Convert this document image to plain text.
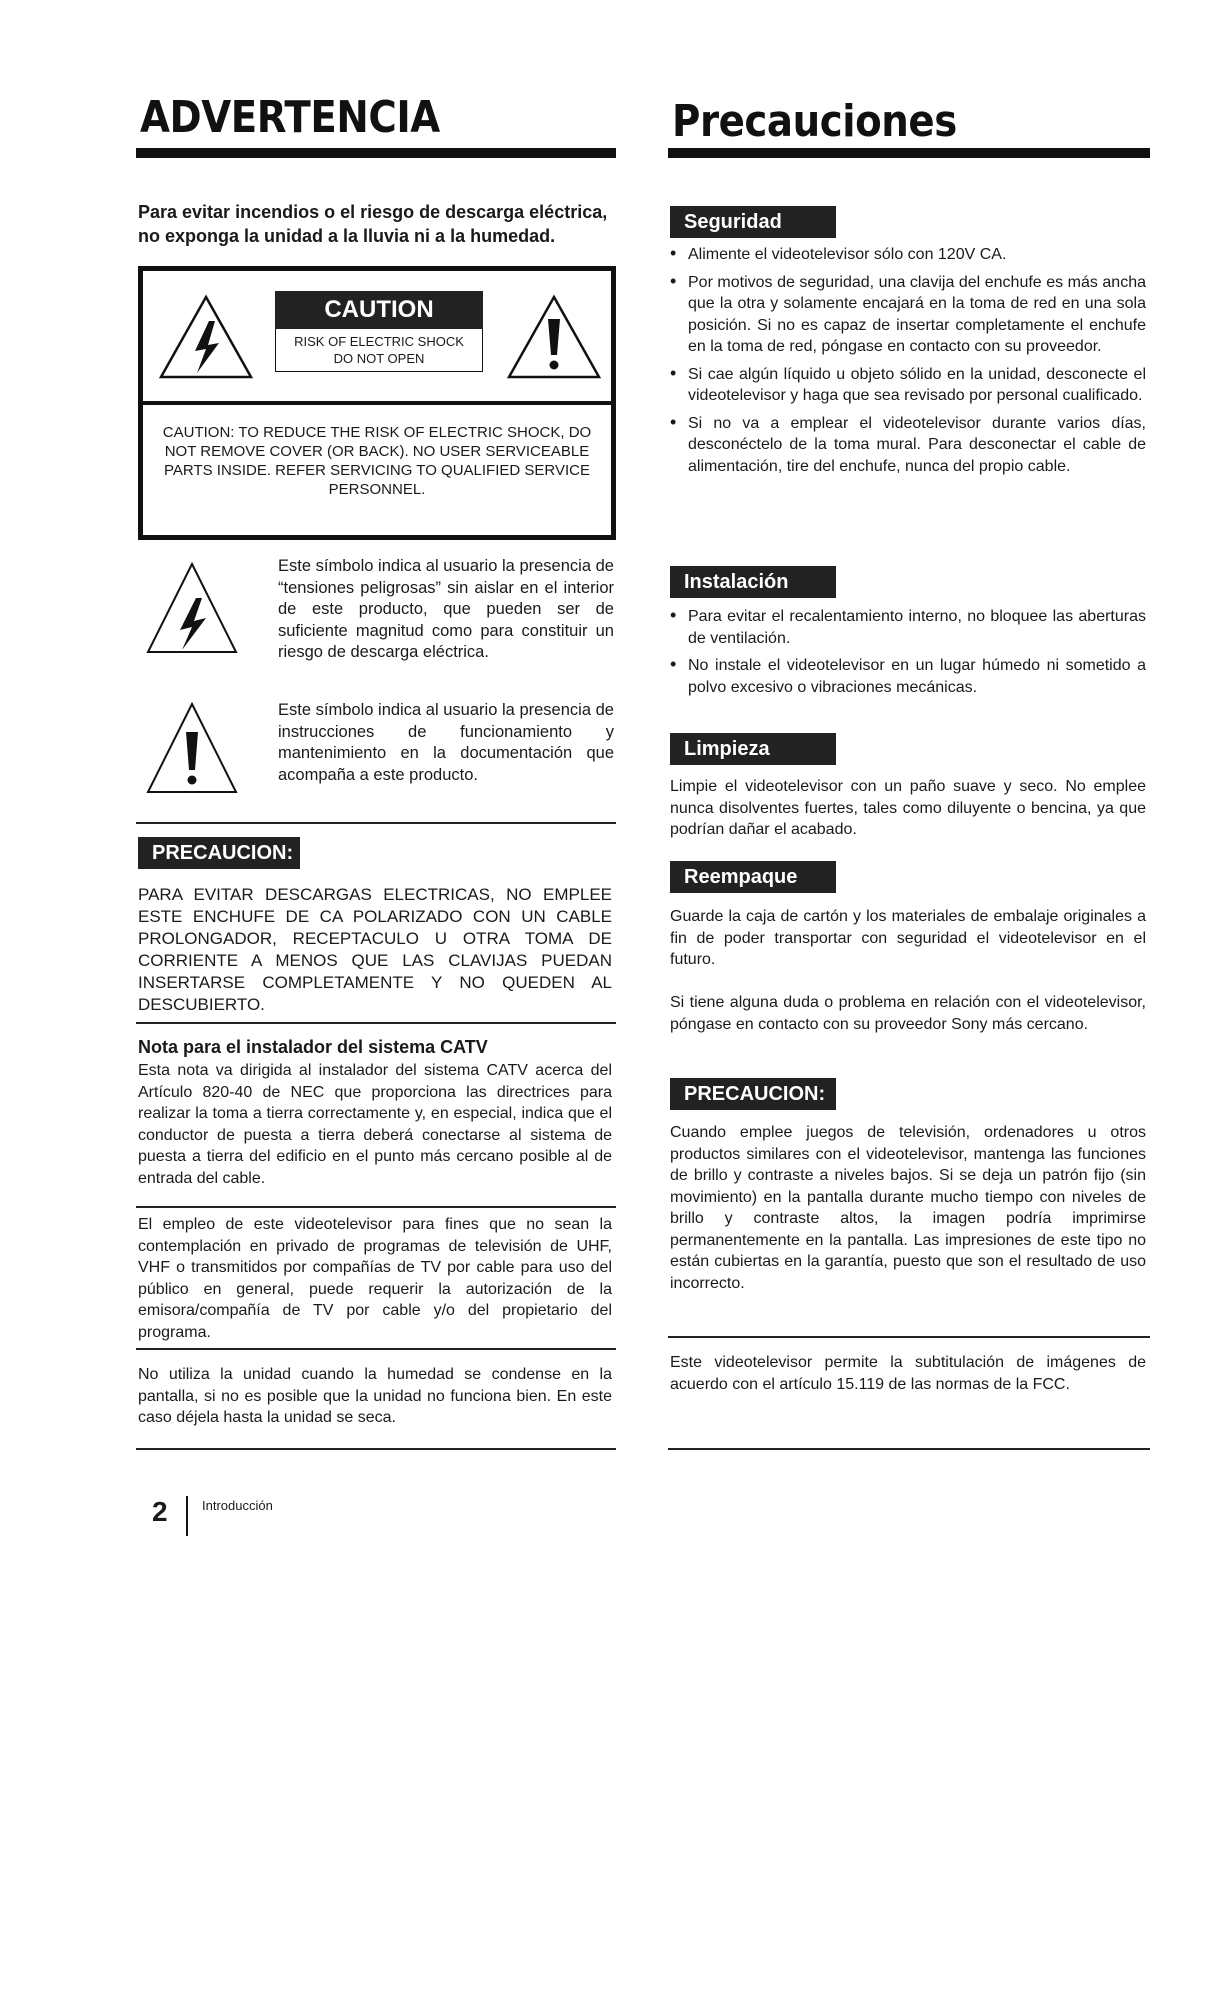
ADVERTENCIA
Para evitar incendios o el riesgo de descarga eléctrica, no exponga la unidad a la lluvia ni a la humedad.
CAUTION
RISK OF ELECTRIC SHOCK
DO NOT OPEN
CAUTION: TO REDUCE THE RISK OF ELECTRIC SHOCK, DO NOT REMOVE COVER (OR BACK). NO USER SERVICEABLE PARTS INSIDE. REFER SERVICING TO QUALIFIED SERVICE PERSONNEL.
Este símbolo indica al usuario la presencia de “tensiones peligrosas” sin aislar en el interior de este producto, que pueden ser de suficiente magnitud como para constituir un riesgo de descarga eléctrica.
Este símbolo indica al usuario la presencia de instrucciones de funcionamiento y mantenimiento en la documentación que acompaña a este producto.
PRECAUCION:
PARA EVITAR DESCARGAS ELECTRICAS, NO EMPLEE ESTE ENCHUFE DE CA POLARIZADO CON UN CABLE PROLONGADOR, RECEPTACULO U OTRA TOMA DE CORRIENTE A MENOS QUE LAS CLAVIJAS PUEDAN INSERTARSE COMPLETAMENTE Y NO QUEDEN AL DESCUBIERTO.
Nota para el instalador del sistema CATV
Esta nota va dirigida al instalador del sistema CATV acerca del Artículo 820-40 de NEC que proporciona las directrices para realizar la toma a tierra correctamente y, en especial, indica que el conductor de puesta a tierra deberá conectarse al sistema de puesta a tierra del edificio en el punto más cercano posible al de entrada del cable.
El empleo de este videotelevisor para fines que no sean la contemplación en privado de programas de televisión de UHF, VHF o transmitidos por compañías de TV por cable para uso del público en general, puede requerir la autorización de la emisora/compañía de TV por cable y/o del propietario del programa.
No utiliza la unidad cuando la humedad se condense en la pantalla, si no es posible que la unidad no funciona bien. En este caso déjela hasta la unidad se seca.
Precauciones
Seguridad
• Alimente el videotelevisor sólo con 120V CA.
• Por motivos de seguridad, una clavija del enchufe es más ancha que la otra y solamente encajará en la toma de red en una sola posición. Si no es capaz de insertar completamente el enchufe en la toma de red, póngase en contacto con su proveedor.
• Si cae algún líquido u objeto sólido en la unidad, desconecte el videotelevisor y haga que sea revisado por personal cualificado.
• Si no va a emplear el videotelevisor durante varios días, desconéctelo de la toma mural. Para desconectar el cable de alimentación, tire del enchufe, nunca del propio cable.
Instalación
• Para evitar el recalentamiento interno, no bloquee las aberturas de ventilación.
• No instale el videotelevisor en un lugar húmedo ni sometido a polvo excesivo o vibraciones mecánicas.
Limpieza
Limpie el videotelevisor con un paño suave y seco. No emplee nunca disolventes fuertes, tales como diluyente o bencina, ya que podrían dañar el acabado.
Reempaque
Guarde la caja de cartón y los materiales de embalaje originales a fin de poder transportar con seguridad el videotelevisor en el futuro.
Si tiene alguna duda o problema en relación con el videotelevisor, póngase en contacto con su proveedor Sony más cercano.
PRECAUCION:
Cuando emplee juegos de televisión, ordenadores u otros productos similares con el videotelevisor, mantenga las funciones de brillo y contraste a niveles bajos. Si se deja un patrón fijo (sin movimiento) en la pantalla durante mucho tiempo con niveles de brillo y contraste altos, la imagen podría imprimirse permanentemente en la pantalla. Las impresiones de este tipo no están cubiertas en la garantía, puesto que son el resultado de uso incorrecto.
Este videotelevisor permite la subtitulación de imágenes de acuerdo con el artículo 15.119 de las normas de la FCC.
2	Introducción
